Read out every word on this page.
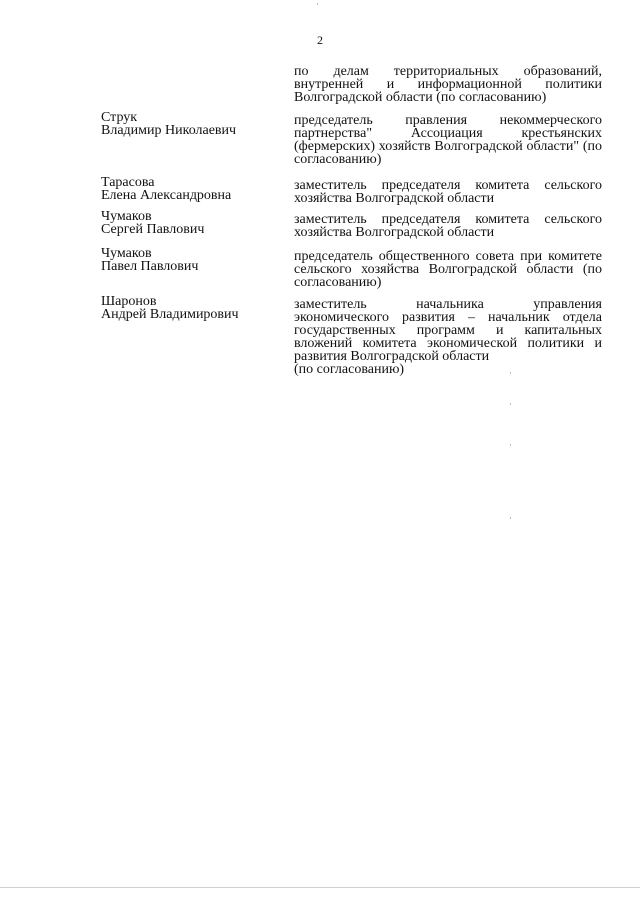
2
по делам территориальных образований, внутренней и информационной политики Волгоградской области (по согласованию)
Струк
Владимир Николаевич
председатель правления некоммерческого партнерства" Ассоциация крестьянских (фермерских) хозяйств Волгоградской области" (по согласованию)
Тарасова
Елена Александровна
заместитель председателя комитета сельского хозяйства Волгоградской области
Чумаков
Сергей Павлович
заместитель председателя комитета сельского хозяйства Волгоградской области
Чумаков
Павел Павлович
председатель общественного совета при комитете сельского хозяйства Волгоградской области (по согласованию)
Шаронов
Андрей Владимирович
заместитель начальника управления экономического развития – начальник отдела государственных программ и капитальных вложений комитета экономической политики и развития Волгоградской области
(по согласованию)
